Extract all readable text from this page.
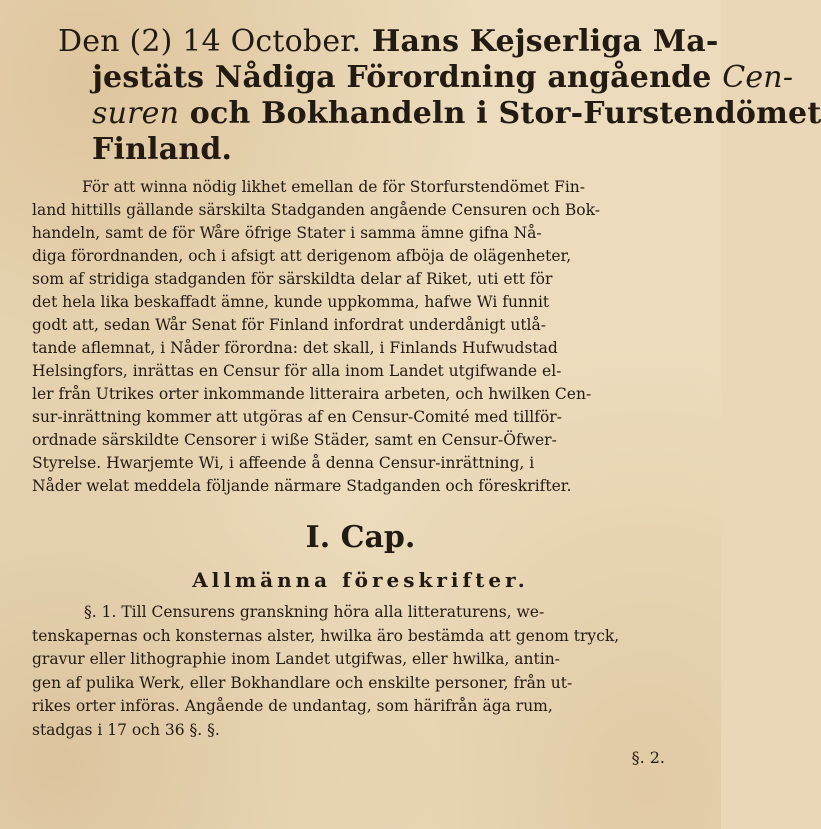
Den (2) 14 October. Hans Kejserliga Ma-
jestäts Nådiga Förordning angående Cen-
suren och Bokhandeln i Stor-Furstendömet
Finland.

För att winna nödig likhet emellan de för Storfurstendömet Fin-
land hittills gällande särskilta Stadganden angående Censuren och Bok-
handeln, samt de för Wåre öfrige Stater i samma ämne gifna Nå-
diga förordnanden, och i afsigt att derigenom afböja de olägenheter,
som af stridiga stadganden för särskildta delar af Riket, uti ett för
det hela lika beskaffadt ämne, kunde uppkomma, hafwe Wi funnit
godt att, sedan Wår Senat för Finland infordrat underdånigt utlå-
tande aflemnat, i Nåder förordna: det skall, i Finlands Hufwudstad
Helsingfors, inrättas en Censur för alla inom Landet utgifwande el-
ler från Utrikes orter inkommande litteraira arbeten, och hwilken Cen-
sur-inrättning kommer att utgöras af en Censur-Comité med tillför-
ordnade särskildte Censorer i wiße Städer, samt en Censur-Öfwer-
Styrelse. Hwarjemte Wi, i affeende å denna Censur-inrättning, i
Nåder welat meddela följande närmare Stadganden och föreskrifter.

I. Cap.
Allmänna föreskrifter.

§. 1. Till Censurens granskning höra alla litteraturens, we-
tenskapernas och konsternas alster, hwilka äro bestämda att genom tryck,
gravur eller lithographie inom Landet utgifwas, eller hwilka, antin-
gen af pulika Werk, eller Bokhandlare och enskilte personer, från ut-
rikes orter införas. Angående de undantag, som härifrån äga rum,
stadgas i 17 och 36 §. §.

§. 2.
